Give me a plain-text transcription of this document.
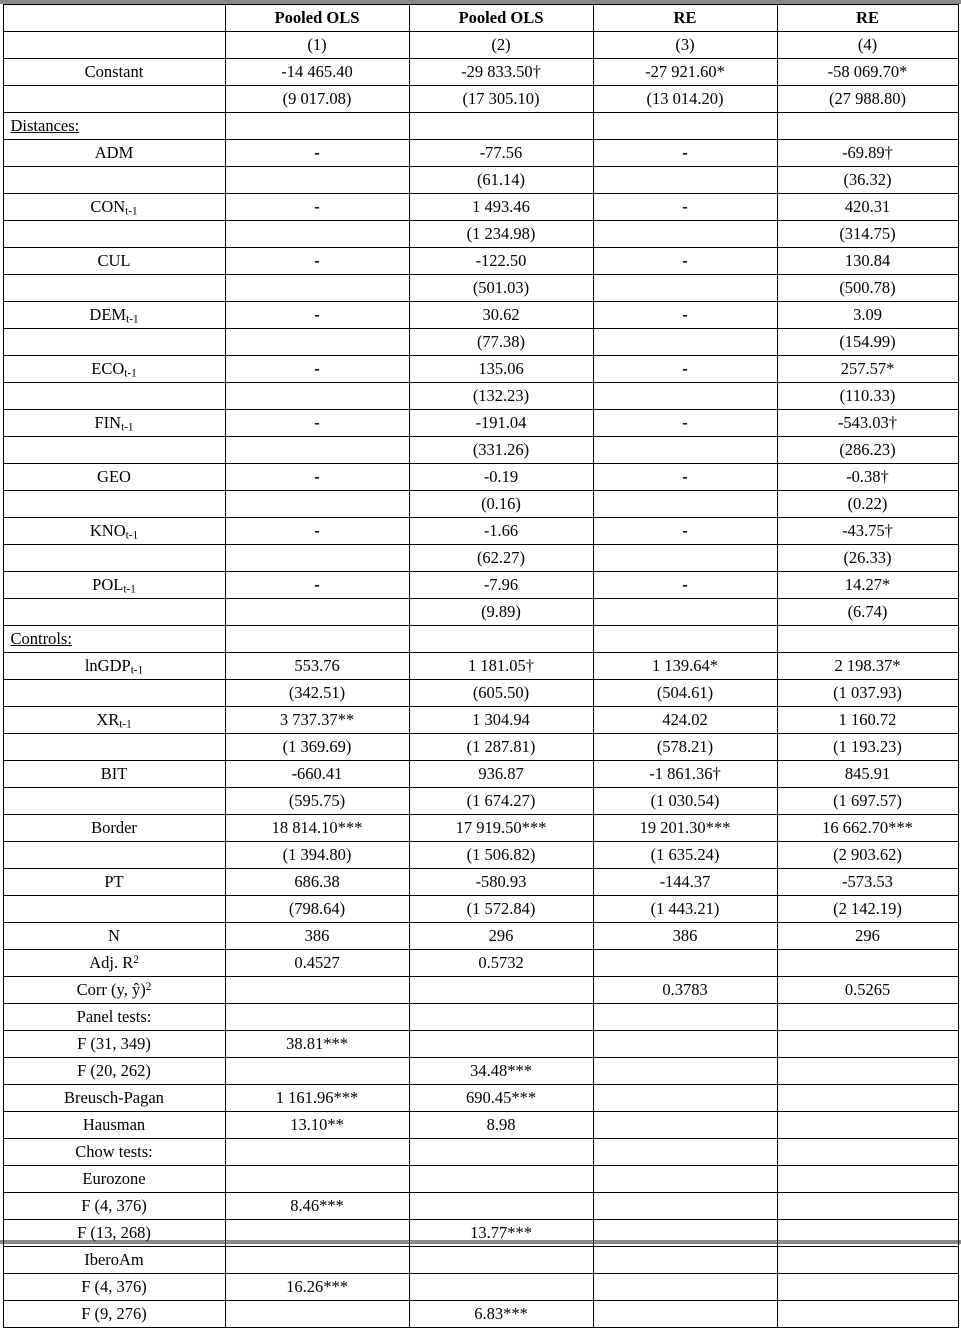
	Pooled OLS	Pooled OLS	RE	RE
	(1)	(2)	(3)	(4)
Constant	-14 465.40	-29 833.50†	-27 921.60*	-58 069.70*
	(9 017.08)	(17 305.10)	(13 014.20)	(27 988.80)
Distances:				
ADM	-	-77.56	-	-69.89†
		(61.14)		(36.32)
$CON_{t-1}$	-	1 493.46	-	420.31
		(1 234.98)		(314.75)
CUL	-	-122.50	-	130.84
		(501.03)		(500.78)
$DEM_{t-1}$	-	30.62	-	3.09
		(77.38)		(154.99)
$ECO_{t-1}$	-	135.06	-	257.57*
		(132.23)		(110.33)
$FIN_{t-1}$	-	-191.04	-	-543.03†
		(331.26)		(286.23)
GEO	-	-0.19	-	-0.38†
		(0.16)		(0.22)
$KNO_{t-1}$	-	-1.66	-	-43.75†
		(62.27)		(26.33)
$POL_{t-1}$	-	-7.96	-	14.27*
		(9.89)		(6.74)
Controls:				
lnGDP$_{t-1}$	553.76	1 181.05†	1 139.64*	2 198.37*
	(342.51)	(605.50)	(504.61)	(1 037.93)
$XR_{t-1}$	3 737.37**	1 304.94	424.02	1 160.72
	(1 369.69)	(1 287.81)	(578.21)	(1 193.23)
BIT	-660.41	936.87	-1 861.36†	845.91
	(595.75)	(1 674.27)	(1 030.54)	(1 697.57)
Border	18 814.10***	17 919.50***	19 201.30***	16 662.70***
	(1 394.80)	(1 506.82)	(1 635.24)	(2 903.62)
PT	686.38	-580.93	-144.37	-573.53
	(798.64)	(1 572.84)	(1 443.21)	(2 142.19)
N	386	296	386	296
Adj. $R^2$	0.4527	0.5732		
Corr (y, ŷ)$^2$			0.3783	0.5265
Panel tests:				
F (31, 349)	38.81***			
F (20, 262)		34.48***		
Breusch-Pagan	1 161.96***	690.45***		
Hausman	13.10**	8.98		
Chow tests:				
Eurozone				
F (4, 376)	8.46***			
F (13, 268)		13.77***		
IberoAm				
F (4, 376)	16.26***			
F (9, 276)		6.83***		
